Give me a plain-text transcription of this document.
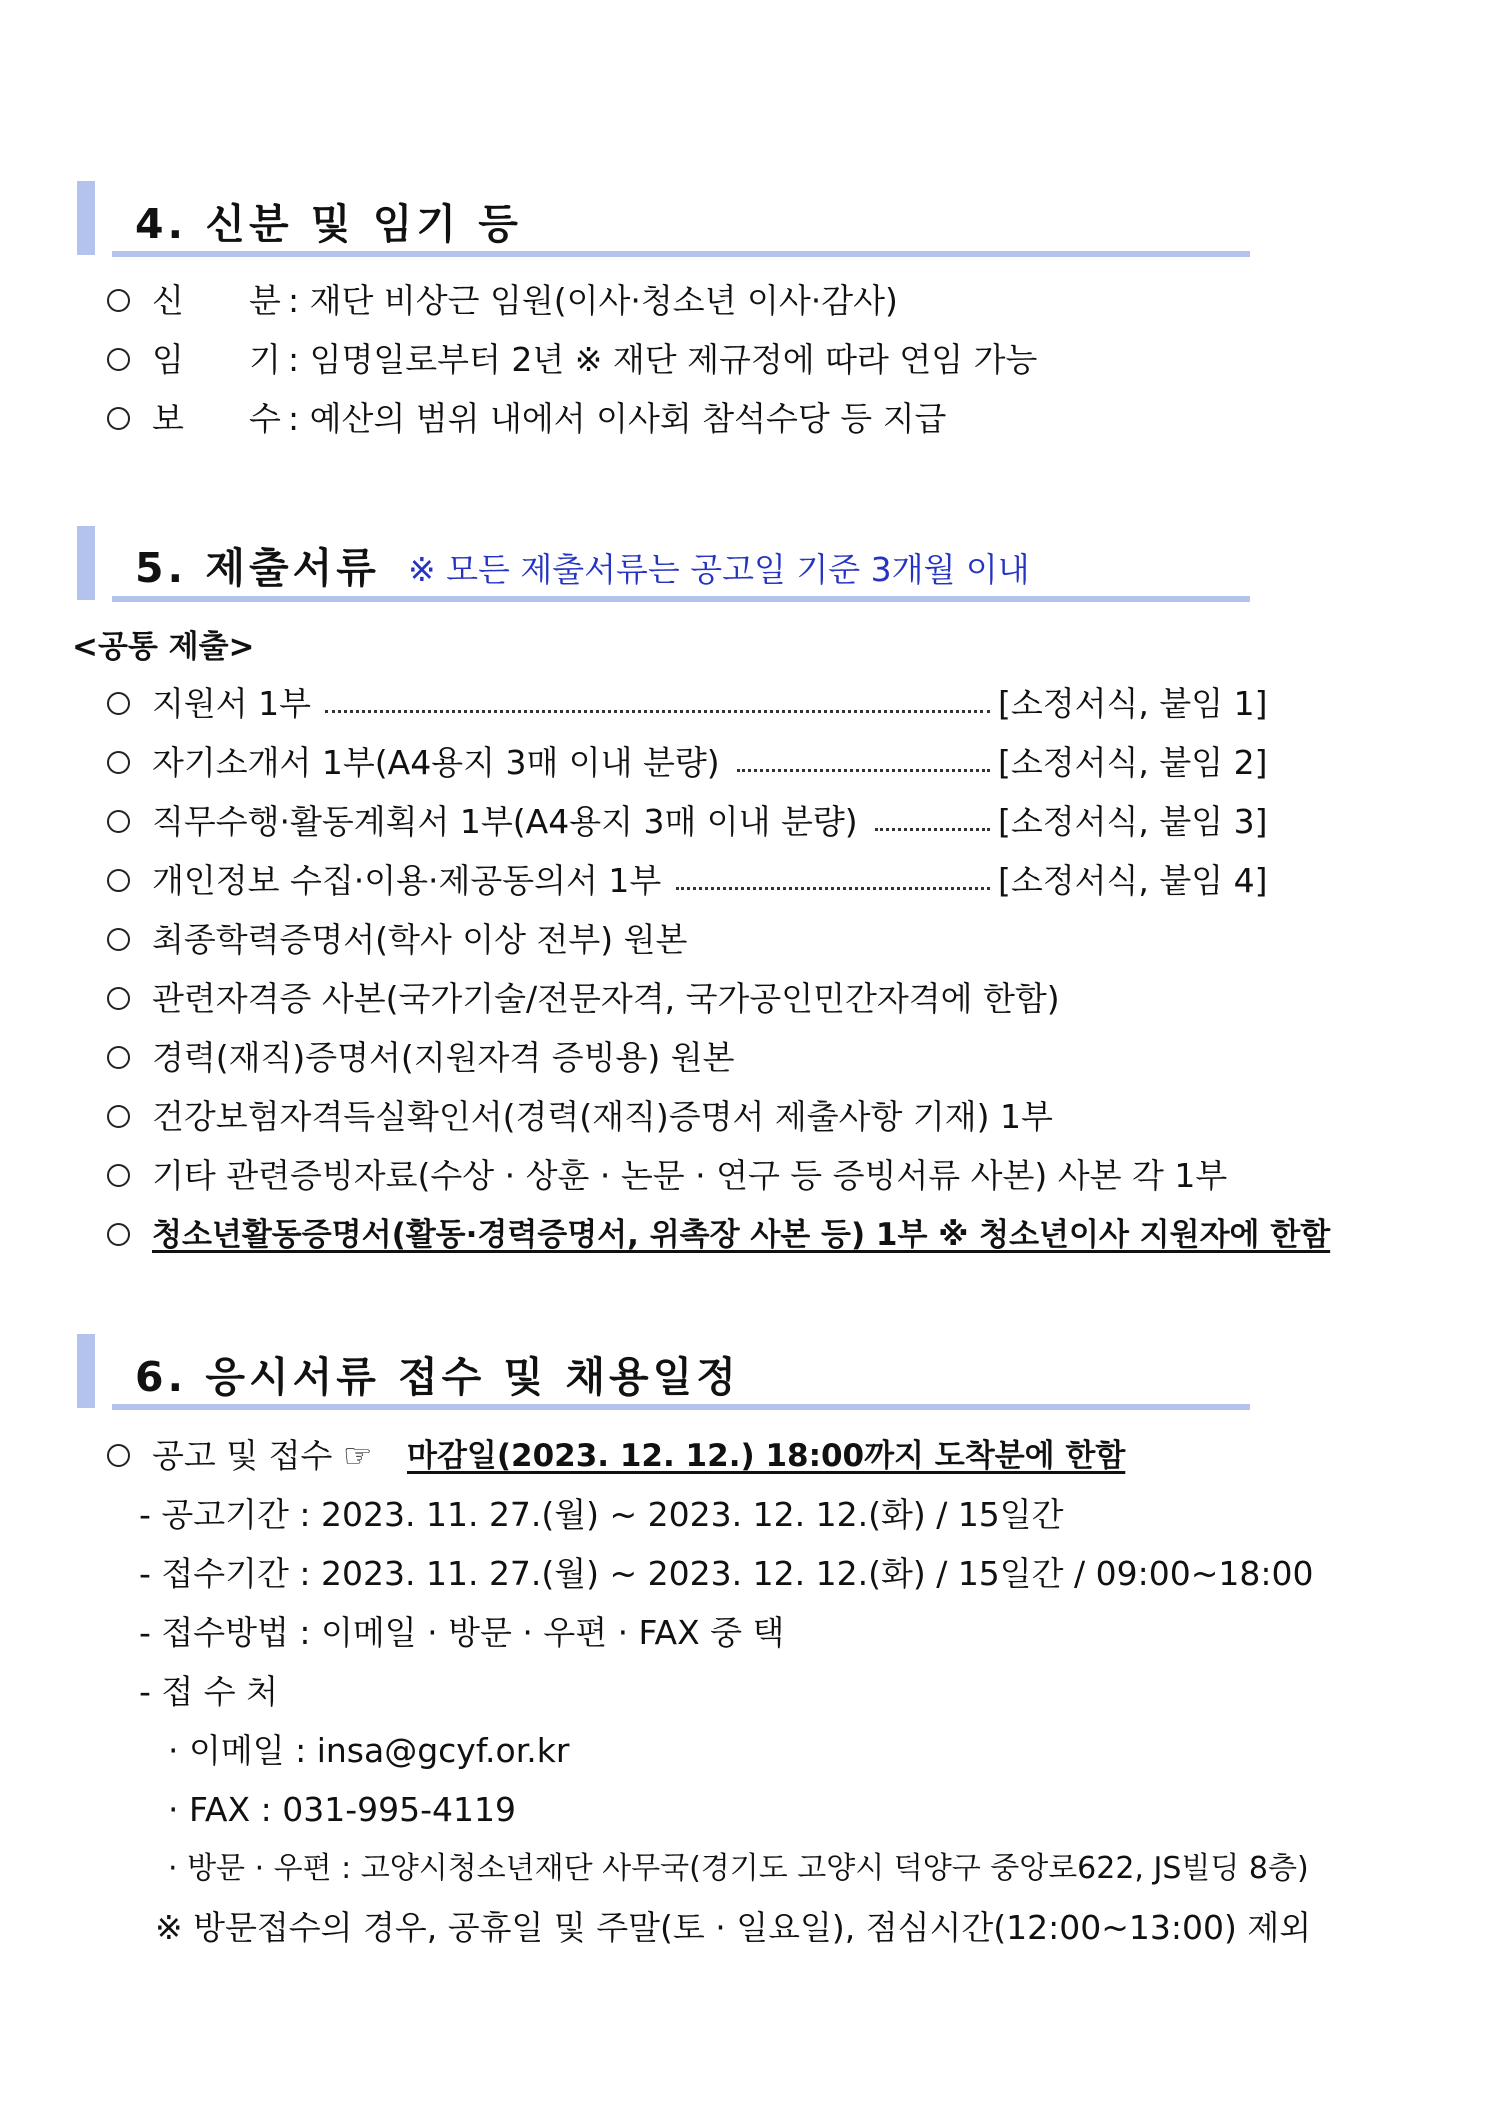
4. 신분 및 임기 등
신 분 : 재단 비상근 임원(이사·청소년 이사·감사)
임 기 : 임명일로부터 2년 ※ 재단 제규정에 따라 연임 가능
보 수 : 예산의 범위 내에서 이사회 참석수당 등 지급
5. 제출서류 ※ 모든 제출서류는 공고일 기준 3개월 이내
<공통 제출>
지원서 1부	[소정서식, 붙임 1]
자기소개서 1부(A4용지 3매 이내 분량)	[소정서식, 붙임 2]
직무수행·활동계획서 1부(A4용지 3매 이내 분량)	[소정서식, 붙임 3]
개인정보 수집·이용·제공동의서 1부	[소정서식, 붙임 4]
최종학력증명서(학사 이상 전부) 원본
관련자격증 사본(국가기술/전문자격, 국가공인민간자격에 한함)
경력(재직)증명서(지원자격 증빙용) 원본
건강보험자격득실확인서(경력(재직)증명서 제출사항 기재) 1부
기타 관련증빙자료(수상 · 상훈 · 논문 · 연구 등 증빙서류 사본) 사본 각 1부
청소년활동증명서(활동·경력증명서, 위촉장 사본 등) 1부 ※ 청소년이사 지원자에 한함
6. 응시서류 접수 및 채용일정
공고 및 접수 ☞ 마감일(2023. 12. 12.) 18:00까지 도착분에 한함
- 공고기간 : 2023. 11. 27.(월) ~ 2023. 12. 12.(화) / 15일간
- 접수기간 : 2023. 11. 27.(월) ~ 2023. 12. 12.(화) / 15일간 / 09:00~18:00
- 접수방법 : 이메일 · 방문 · 우편 · FAX 중 택
- 접 수 처
· 이메일 : insa@gcyf.or.kr
· FAX : 031-995-4119
· 방문 · 우편 : 고양시청소년재단 사무국(경기도 고양시 덕양구 중앙로622, JS빌딩 8층)
※ 방문접수의 경우, 공휴일 및 주말(토 · 일요일), 점심시간(12:00~13:00) 제외
